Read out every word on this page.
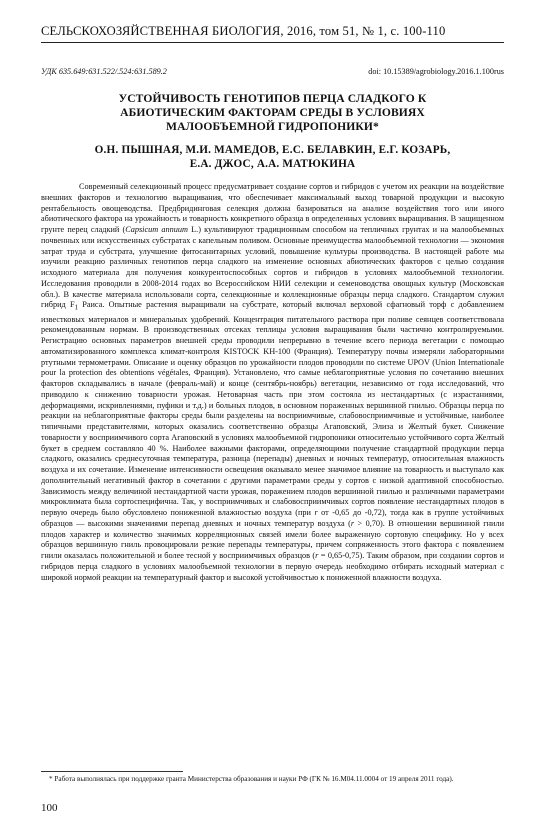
СЕЛЬСКОХОЗЯЙСТВЕННАЯ БИОЛОГИЯ, 2016, том 51, № 1, с. 100-110
УДК 635.649:631.522/.524:631.589.2	doi: 10.15389/agrobiology.2016.1.100rus
УСТОЙЧИВОСТЬ ГЕНОТИПОВ ПЕРЦА СЛАДКОГО К
АБИОТИЧЕСКИМ ФАКТОРАМ СРЕДЫ В УСЛОВИЯХ
МАЛООБЪЕМНОЙ ГИДРОПОНИКИ*
О.Н. ПЫШНАЯ, М.И. МАМЕДОВ, Е.С. БЕЛАВКИН, Е.Г. КОЗАРЬ,
Е.А. ДЖОС, А.А. МАТЮКИНА
Современный селекционный процесс предусматривает создание сортов и гибридов с учетом их реакции на воздействие внешних факторов и технологию выращивания, что обеспечивает максимальный выход товарной продукции и высокую рентабельность овощеводства. Предбридинговая селекция должна базироваться на анализе воздействия того или иного абиотического фактора на урожайность и товарность конкретного образца в определенных условиях выращивания. В защищенном грунте перец сладкий (Capsicum annuum L.) культивируют традиционным способом на тепличных грунтах и на малообъемных почвенных или искусственных субстратах с капельным поливом. Основные преимущества малообъемной технологии — экономия затрат труда и субстрата, улучшение фитосанитарных условий, повышение культуры производства. В настоящей работе мы изучили реакцию различных генотипов перца сладкого на изменение основных абиотических факторов с целью создания исходного материала для получения конкурентоспособных сортов и гибридов в условиях малообъемной технологии. Исследования проводили в 2008-2014 годах во Всероссийском НИИ селекции и семеноводства овощных культур (Московская обл.). В качестве материала использовали сорта, селекционные и коллекционные образцы перца сладкого. Стандартом служил гибрид $F_1$ Раиса. Опытные растения выращивали на субстрате, который включал верховой сфагновый торф с добавлением известковых материалов и минеральных удобрений. Концентрация питательного раствора при поливе сеянцев соответствовала рекомендованным нормам. В производственных отсеках теплицы условия выращивания были частично контролируемыми. Регистрацию основных параметров внешней среды проводили непрерывно в течение всего периода вегетации с помощью автоматизированного комплекса климат-контроля KISTOCK KH-100 (Франция). Температуру почвы измеряли лабораторными ртутными термометрами. Описание и оценку образцов по урожайности плодов проводили по системе UPOV (Union Internationale pour la protection des obtentions végétales, Франция). Установлено, что самые неблагоприятные условия по сочетанию внешних факторов складывались в начале (февраль-май) и конце (сентябрь-ноябрь) вегетации, независимо от года исследований, что приводило к снижению товарности урожая. Нетоварная часть при этом состояла из нестандартных (с израстаниями, деформациями, искривлениями, пуфики и т.д.) и больных плодов, в основном пораженных вершинной гнилью. Образцы перца по реакции на неблагоприятные факторы среды были разделены на восприимчивые, слабовосприимчивые и устойчивые, наиболее типичными представителями, которых оказались соответственно образцы Агаповский, Элиза и Желтый букет. Снижение товарности у восприимчивого сорта Агаповский в условиях малообъемной гидропоники относительно устойчивого сорта Желтый букет в среднем составляло 40 %. Наиболее важными факторами, определяющими получение стандартной продукции перца сладкого, оказались среднесуточная температура, разница (перепады) дневных и ночных температур, относительная влажность воздуха и их сочетание. Изменение интенсивности освещения оказывало менее значимое влияние на товарность и выступало как дополнительный негативный фактор в сочетании с другими параметрами среды у сортов с низкой адаптивной способностью. Зависимость между величиной нестандартной части урожая, поражением плодов вершинной гнилью и различными параметрами микроклимата была сортоспецифична. Так, у восприимчивых и слабовосприимчивых сортов появление нестандартных плодов в первую очередь было обусловлено пониженной влажностью воздуха (при r от -0,65 до -0,72), тогда как в группе устойчивых образцов — высокими значениями перепад дневных и ночных температур воздуха (r > 0,70). В отношении вершинной гнили плодов характер и количество значимых корреляционных связей имели более выраженную сортовую специфику. Но у всех образцов вершинную гниль провоцировали резкие перепады температуры, причем сопряженность этого фактора с появлением гнили оказалась положительной и более тесной у восприимчивых образцов (r = 0,65-0,75). Таким образом, при создании сортов и гибридов перца сладкого в условиях малообъемной технологии в первую очередь необходимо отбирать исходный материал с широкой нормой реакции на температурный фактор и высокой устойчивостью к пониженной влажности воздуха.
* Работа выполнялась при поддержке гранта Министерства образования и науки РФ (ГК № 16.М04.11.0004 от 19 апреля 2011 года).
100
